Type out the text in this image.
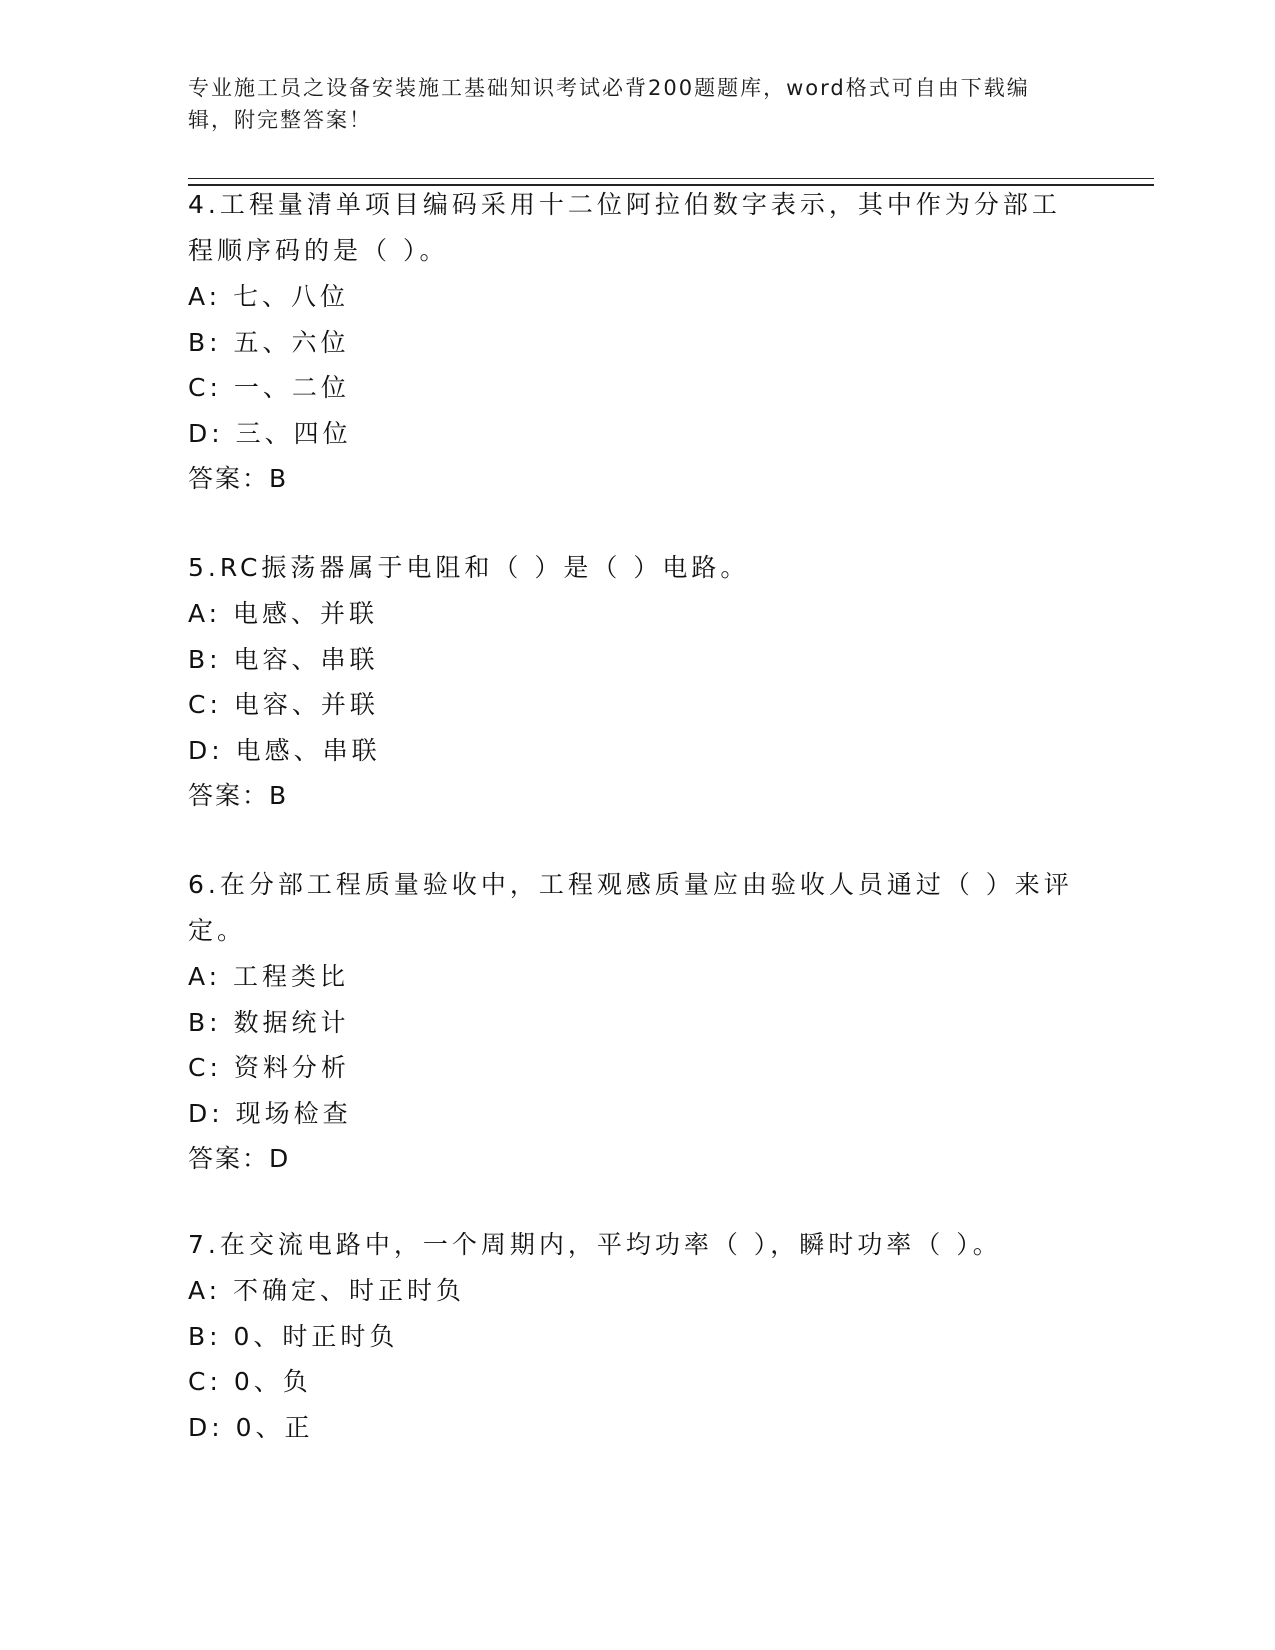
专业施工员之设备安装施工基础知识考试必背200题题库，word格式可自由下载编辑，附完整答案！

4.工程量清单项目编码采用十二位阿拉伯数字表示，其中作为分部工程顺序码的是（ ）。

A: 七、八位

B: 五、六位

C: 一、二位

D: 三、四位

答案：B

5.RC振荡器属于电阻和（ ）是（ ）电路。

A: 电感、并联

B: 电容、串联

C: 电容、并联

D: 电感、串联

答案：B

6.在分部工程质量验收中，工程观感质量应由验收人员通过（ ）来评定。

A: 工程类比

B: 数据统计

C: 资料分析

D: 现场检查

答案：D

7.在交流电路中，一个周期内，平均功率（ ），瞬时功率（ ）。

A: 不确定、时正时负

B: 0、时正时负

C: 0、负

D: 0、正
